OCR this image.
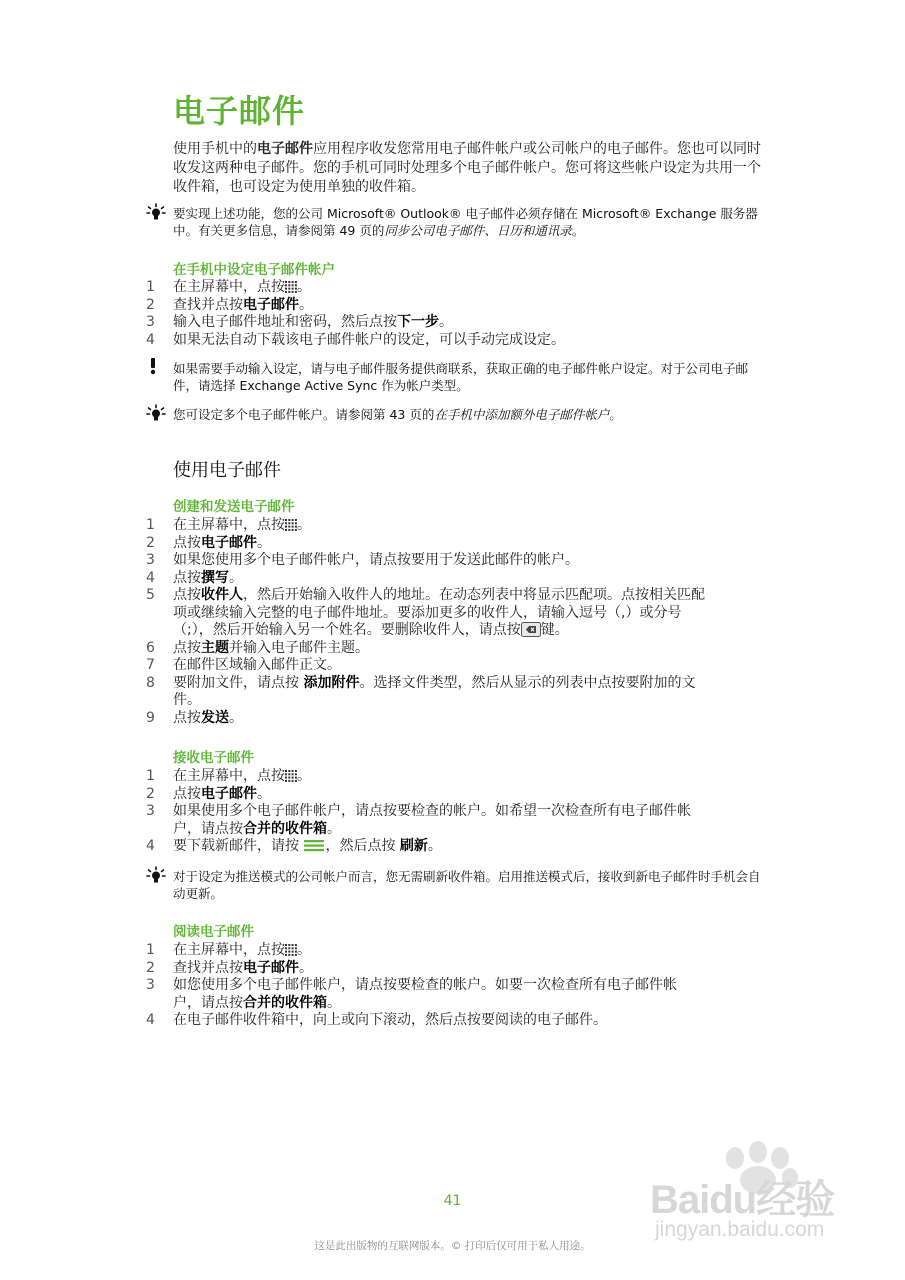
电子邮件
使用手机中的电子邮件应用程序收发您常用电子邮件帐户或公司帐户的电子邮件。您也可以同时收发这两种电子邮件。您的手机可同时处理多个电子邮件帐户。您可将这些帐户设定为共用一个收件箱，也可设定为使用单独的收件箱。
要实现上述功能，您的公司 Microsoft® Outlook® 电子邮件必须存储在 Microsoft® Exchange 服务器中。有关更多信息，请参阅第 49 页的同步公司电子邮件、日历和通讯录。
在手机中设定电子邮件帐户
1	在主屏幕中，点按 。
2	查找并点按电子邮件。
3	输入电子邮件地址和密码，然后点按下一步。
4	如果无法自动下载该电子邮件帐户的设定，可以手动完成设定。
如果需要手动输入设定，请与电子邮件服务提供商联系，获取正确的电子邮件帐户设定。对于公司电子邮件，请选择 Exchange Active Sync 作为帐户类型。
您可设定多个电子邮件帐户。请参阅第 43 页的在手机中添加额外电子邮件帐户。
使用电子邮件
创建和发送电子邮件
1	在主屏幕中，点按 。
2	点按电子邮件。
3	如果您使用多个电子邮件帐户，请点按要用于发送此邮件的帐户。
4	点按撰写。
5	点按收件人，然后开始输入收件人的地址。在动态列表中将显示匹配项。点按相关匹配项或继续输入完整的电子邮件地址。要添加更多的收件人，请输入逗号（,）或分号（;），然后开始输入另一个姓名。要删除收件人，请点按 键。
6	点按主题并输入电子邮件主题。
7	在邮件区域输入邮件正文。
8	要附加文件，请点按 添加附件。选择文件类型，然后从显示的列表中点按要附加的文件。
9	点按发送。
接收电子邮件
1	在主屏幕中，点按 。
2	点按电子邮件。
3	如果使用多个电子邮件帐户，请点按要检查的帐户。如希望一次检查所有电子邮件帐户，请点按合并的收件箱。
4	要下载新邮件，请按 ，然后点按 刷新。
对于设定为推送模式的公司帐户而言，您无需刷新收件箱。启用推送模式后，接收到新电子邮件时手机会自动更新。
阅读电子邮件
1	在主屏幕中，点按 。
2	查找并点按电子邮件。
3	如您使用多个电子邮件帐户，请点按要检查的帐户。如要一次检查所有电子邮件帐户，请点按合并的收件箱。
4	在电子邮件收件箱中，向上或向下滚动，然后点按要阅读的电子邮件。
Baidu经验
jingyan.baidu.com
41
这是此出版物的互联网版本。© 打印后仅可用于私人用途。
